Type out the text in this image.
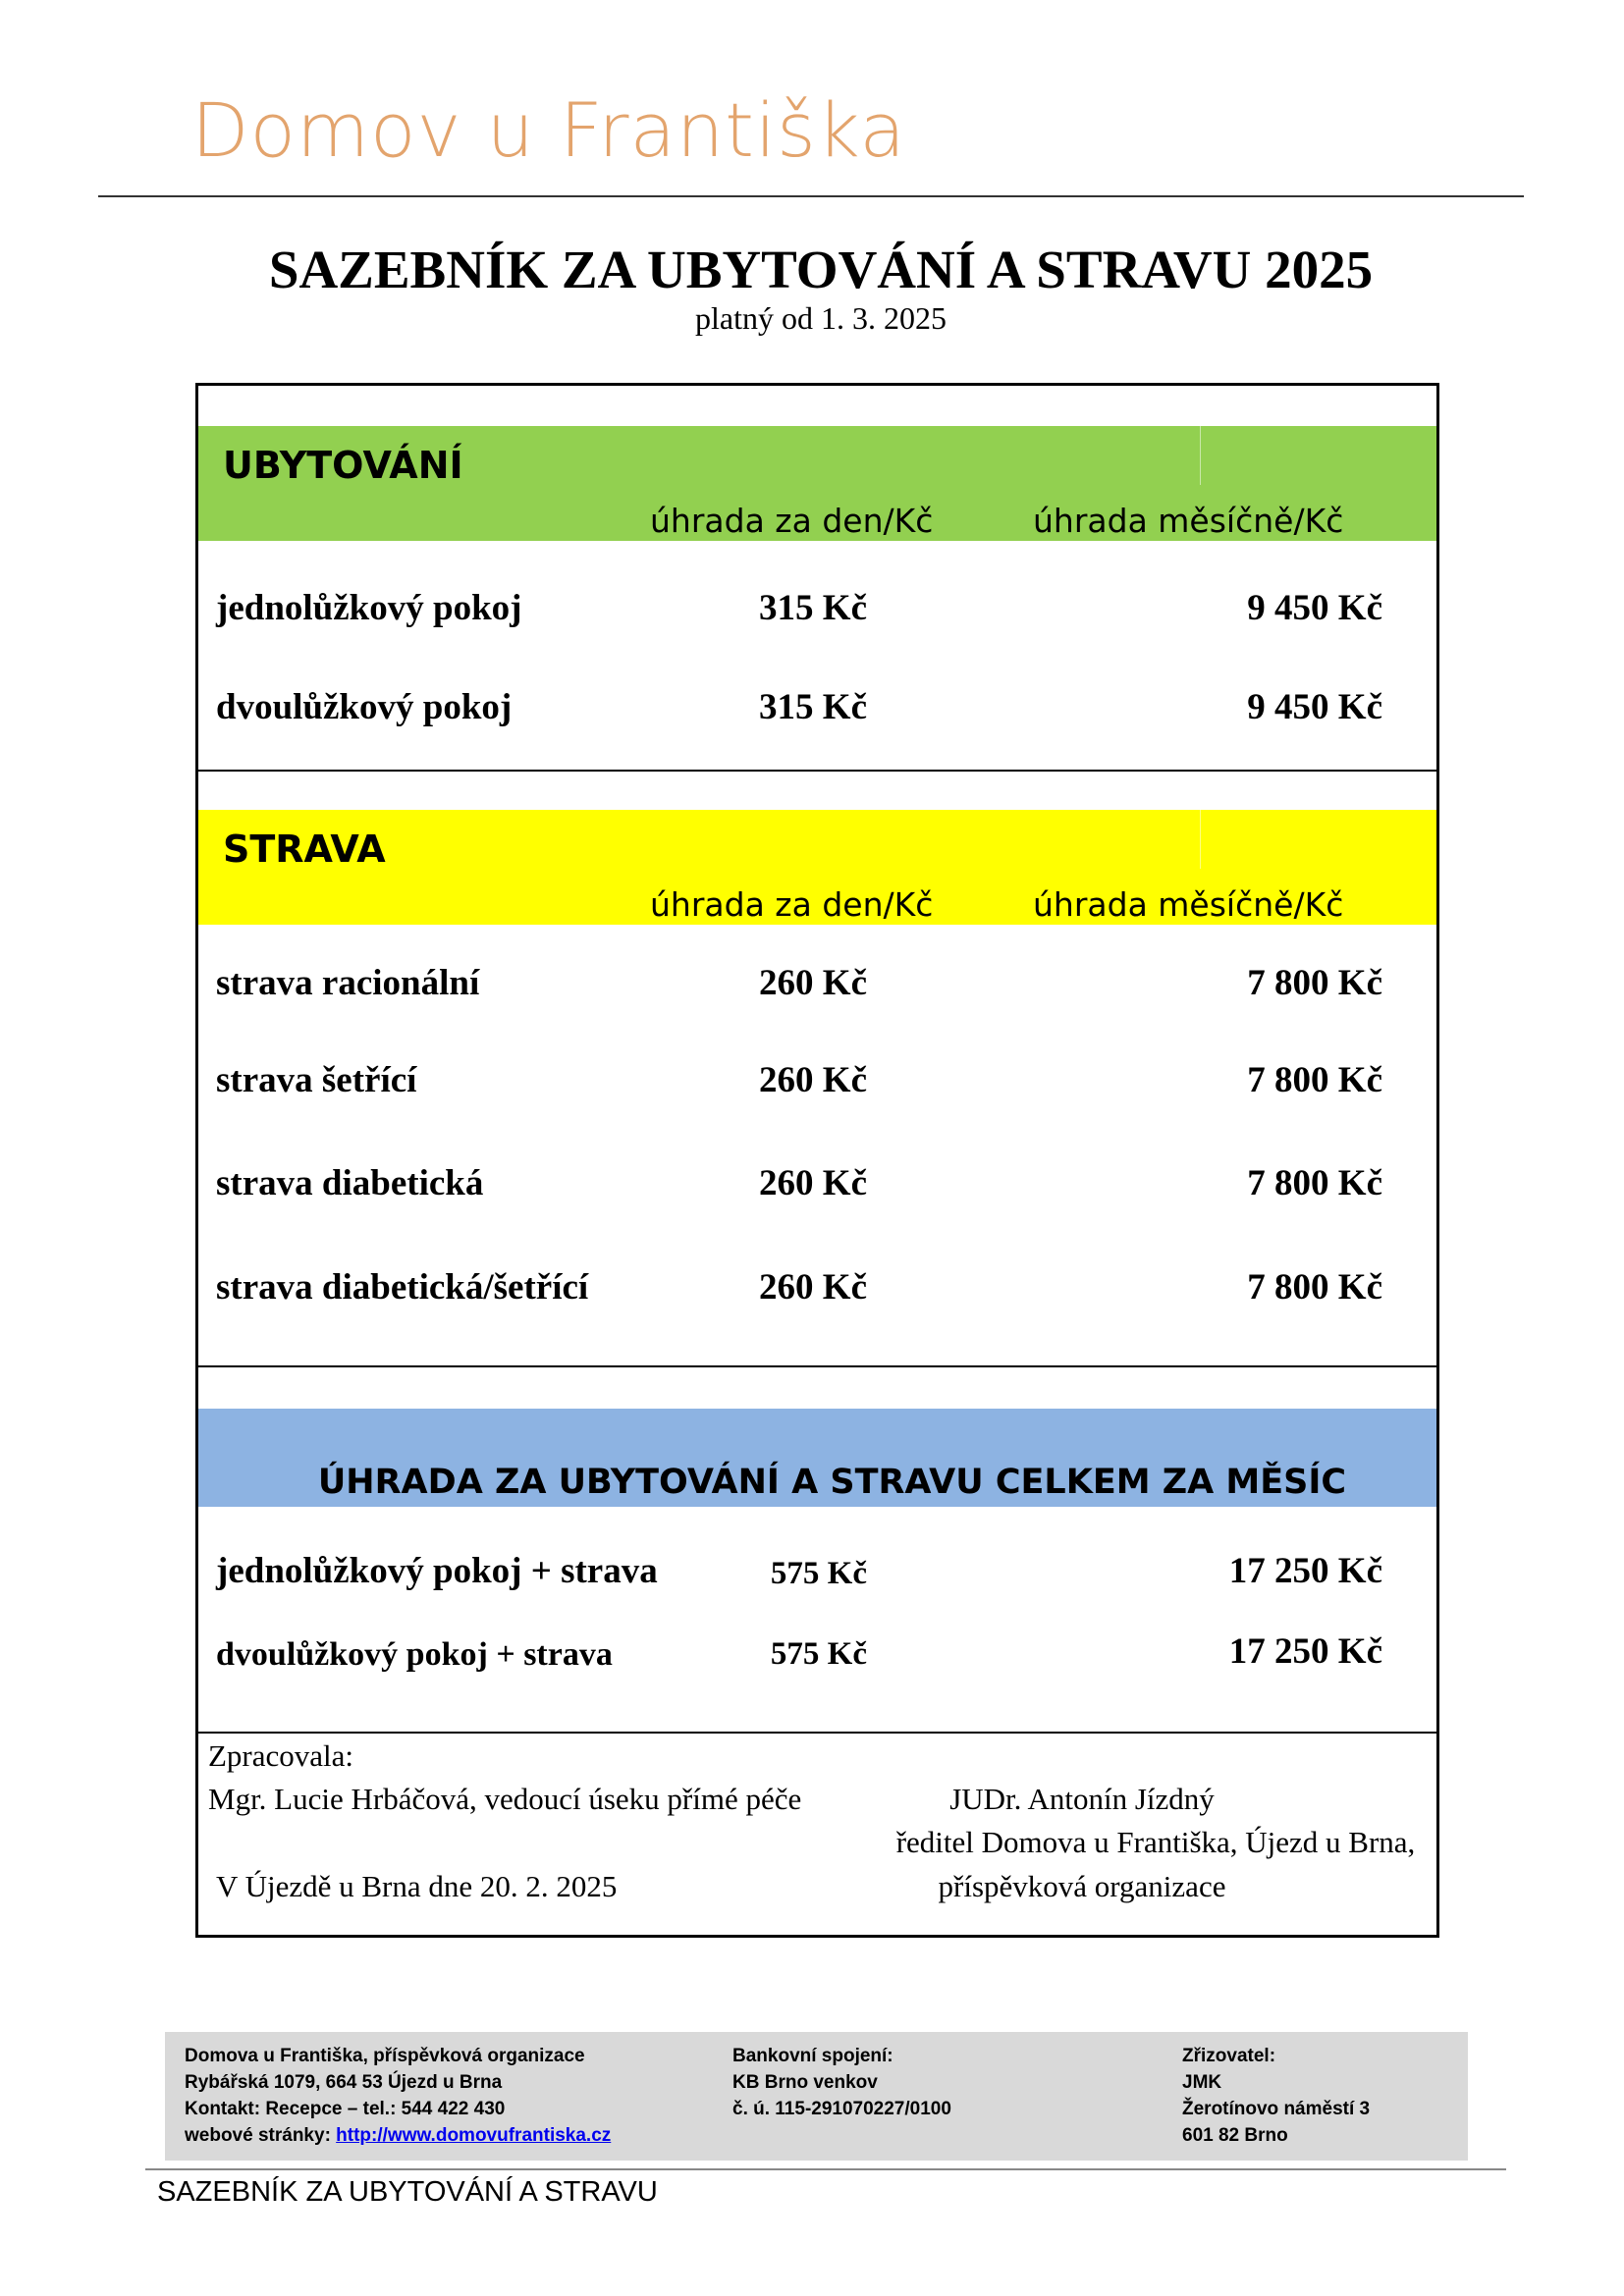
Domov u Františka
SAZEBNÍK ZA UBYTOVÁNÍ A STRAVU 2025
platný od 1. 3. 2025
UBYTOVÁNÍ
úhrada za den/Kč	úhrada měsíčně/Kč
jednolůžkový pokoj	315 Kč	9 450 Kč
dvoulůžkový pokoj	315 Kč	9 450 Kč
STRAVA
úhrada za den/Kč	úhrada měsíčně/Kč
strava racionální	260 Kč	7 800 Kč
strava šetřící	260 Kč	7 800 Kč
strava diabetická	260 Kč	7 800 Kč
strava diabetická/šetřící	260 Kč	7 800 Kč
ÚHRADA ZA UBYTOVÁNÍ A STRAVU CELKEM ZA MĚSÍC
jednolůžkový pokoj + strava	575 Kč	17 250 Kč
dvoulůžkový pokoj + strava	575 Kč	17 250 Kč
Zpracovala:
Mgr. Lucie Hrbáčová, vedoucí úseku přímé péče
V Újezdě u Brna dne 20. 2. 2025
JUDr. Antonín Jízdný
ředitel Domova u Františka, Újezd u Brna,
příspěvková organizace
Domova u Františka, příspěvková organizace
Rybářská 1079, 664 53 Újezd u Brna
Kontakt: Recepce – tel.: 544 422 430
webové stránky: http://www.domovufrantiska.cz
Bankovní spojení:
KB Brno venkov
č. ú. 115-291070227/0100
Zřizovatel:
JMK
Žerotínovo náměstí 3
601 82 Brno
SAZEBNÍK ZA UBYTOVÁNÍ A STRAVU
